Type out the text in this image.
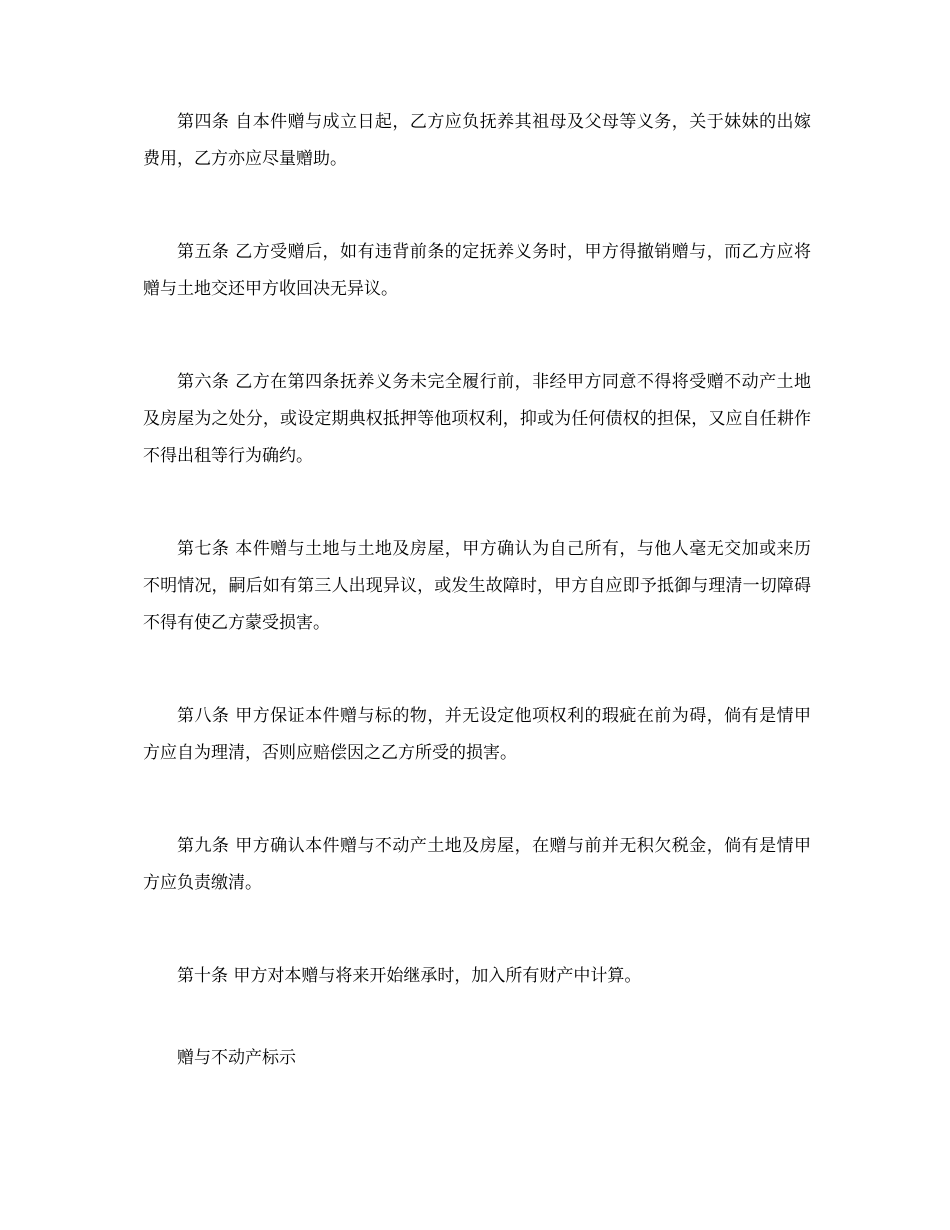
第四条 自本件赠与成立日起，乙方应负抚养其祖母及父母等义务，关于妹妹的出嫁费用，乙方亦应尽量赠助。

第五条 乙方受赠后，如有违背前条的定抚养义务时，甲方得撤销赠与，而乙方应将赠与土地交还甲方收回决无异议。

第六条 乙方在第四条抚养义务未完全履行前，非经甲方同意不得将受赠不动产土地及房屋为之处分，或设定期典权抵押等他项权利，抑或为任何债权的担保，又应自任耕作不得出租等行为确约。

第七条 本件赠与土地与土地及房屋，甲方确认为自己所有，与他人毫无交加或来历不明情况，嗣后如有第三人出现异议，或发生故障时，甲方自应即予抵御与理清一切障碍不得有使乙方蒙受损害。

第八条 甲方保证本件赠与标的物，并无设定他项权利的瑕疵在前为碍，倘有是情甲方应自为理清，否则应赔偿因之乙方所受的损害。

第九条 甲方确认本件赠与不动产土地及房屋，在赠与前并无积欠税金，倘有是情甲方应负责缴清。

第十条 甲方对本赠与将来开始继承时，加入所有财产中计算。

赠与不动产标示
